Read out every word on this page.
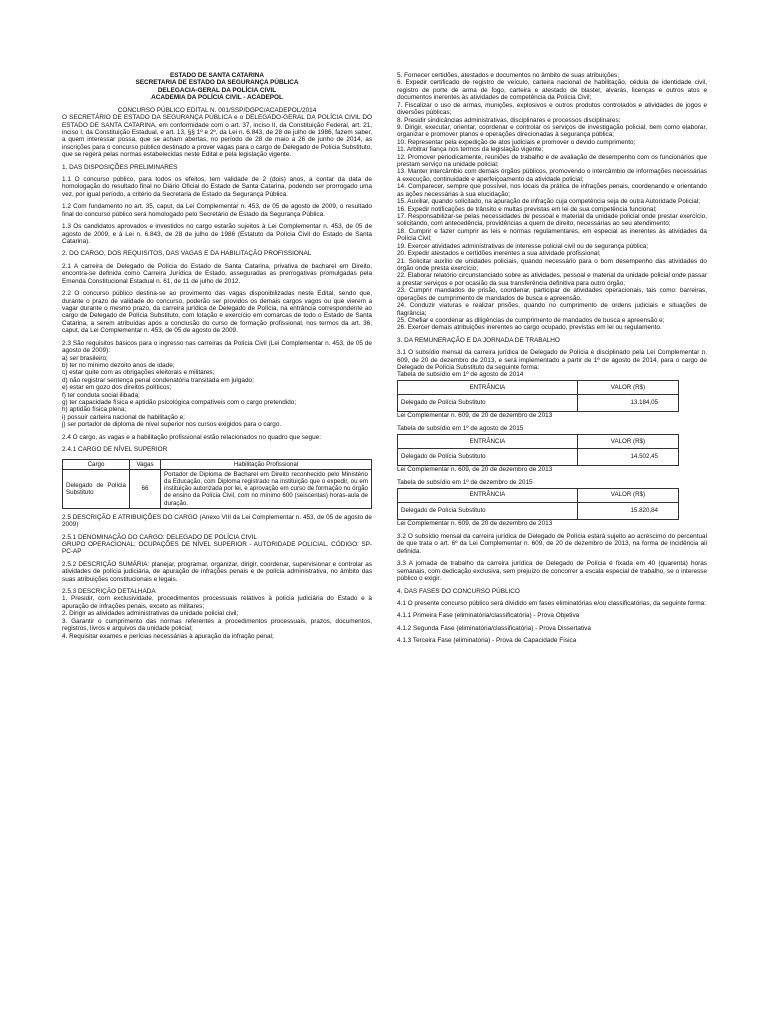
ESTADO DE SANTA CATARINA

SECRETARIA DE ESTADO DA SEGURANÇA PÚBLICA

DELEGACIA-GERAL DA POLÍCIA CIVIL

ACADEMIA DA POLÍCIA CIVIL - ACADEPOL

CONCURSO PÚBLICO EDITAL N. 001/SSP/DGPC/ACADEPOL/2014

O SECRETÁRIO DE ESTADO DA SEGURANÇA PÚBLICA e o DELEGADO-GERAL DA POLÍCIA CIVIL DO ESTADO DE SANTA CATARINA, em conformidade com o art. 37, inciso II, da Constituição Federal, art. 21, inciso I, da Constituição Estadual, e art. 13, §§ 1º e 2º, da Lei n. 6.843, de 28 de julho de 1986, fazem saber, a quem interessar possa, que se acham abertas, no período de 28 de maio a 26 de junho de 2014, as inscrições para o concurso público destinado a prover vagas para o cargo de Delegado de Polícia Substituto, que se regerá pelas normas estabelecidas neste Edital e pela legislação vigente.

1. DAS DISPOSIÇÕES PRELIMINARES

1.1 O concurso público, para todos os efeitos, tem validade de 2 (dois) anos, a contar da data de homologação do resultado final no Diário Oficial do Estado de Santa Catarina, podendo ser prorrogado uma vez, por igual período, a critério da Secretaria de Estado da Segurança Pública.

1.2 Com fundamento no art. 35, caput, da Lei Complementar n. 453, de 05 de agosto de 2009, o resultado final do concurso público será homologado pelo Secretário de Estado da Segurança Pública.

1.3 Os candidatos aprovados e investidos no cargo estarão sujeitos à Lei Complementar n. 453, de 05 de agosto de 2009, e à Lei n. 6.843, de 28 de julho de 1986 (Estatuto da Polícia Civil do Estado de Santa Catarina).

2. DO CARGO, DOS REQUISITOS, DAS VAGAS E DA HABILITAÇÃO PROFISSIONAL

2.1 A carreira de Delegado de Polícia do Estado de Santa Catarina, privativa de bacharel em Direito, encontra-se definida como Carreira Jurídica de Estado, asseguradas as prerrogativas promulgadas pela Emenda Constitucional Estadual n. 61, de 11 de julho de 2012.

2.2 O concurso público destina-se ao provimento das vagas disponibilizadas neste Edital, sendo que, durante o prazo de validade do concurso, poderão ser providos os demais cargos vagos ou que vierem a vagar durante o mesmo prazo, da carreira jurídica de Delegado de Polícia, na entrância correspondente ao cargo de Delegado de Polícia Substituto, com lotação e exercício em comarcas de todo o Estado de Santa Catarina, a serem atribuídas após a conclusão do curso de formação profissional, nos termos da art. 36, caput, da Lei Complementar n. 453, de 05 de agosto de 2009.

2.3 São requisitos básicos para o ingresso nas carreiras da Polícia Civil (Lei Complementar n. 453, de 05 de agosto de 2009):

a) ser brasileiro;

b) ter no mínimo dezoito anos de idade;

c) estar quite com as obrigações eleitorais e militares;

d) não registrar sentença penal condenatória transitada em julgado;

e) estar em gozo dos direitos políticos;

f) ter conduta social ilibada;

g) ter capacidade física e aptidão psicológica compatíveis com o cargo pretendido;

h) aptidão física plena;

i) possuir carteira nacional de habilitação e;

j) ser portador de diploma de nível superior nos cursos exigidos para o cargo.

2.4 O cargo, as vagas e a habilitação profissional estão relacionados no quadro que segue:

2.4.1 CARGO DE NÍVEL SUPERIOR

Cargo	Vagas	Habilitação Profissional
Delegado de Polícia Substituto	66	Portador de Diploma de Bacharel em Direito reconhecido pelo Ministério da Educação, com Diploma registrado na instituição que o expedir, ou em instituição autorizada por lei, e aprovação em curso de formação no órgão de ensino da Polícia Civil, com no mínimo 600 (seiscentas) horas-aula de duração.

2.5 DESCRIÇÃO E ATRIBUIÇÕES DO CARGO (Anexo VIII da Lei Complementar n. 453, de 05 de agosto de 2009)

2.5.1 DENOMINAÇÃO DO CARGO: DELEGADO DE POLÍCIA CIVIL

GRUPO OPERACIONAL: OCUPAÇÕES DE NÍVEL SUPERIOR - AUTORIDADE POLICIAL. CÓDIGO: SP-PC-AP

2.5.2 DESCRIÇÃO SUMÁRIA: planejar, programar, organizar, dirigir, coordenar, supervisionar e controlar as atividades de polícia judiciária, de apuração de infrações penais e de polícia administrativa, no âmbito das suas atribuições constitucionais e legais.

2.5.3 DESCRIÇÃO DETALHADA

1. Presidir, com exclusividade, procedimentos processuais relativos à polícia judiciária do Estado e à apuração de infrações penais, exceto as militares;

2. Dirigir as atividades administrativas da unidade policial civil;

3. Garantir o cumprimento das normas referentes a procedimentos processuais, prazos, documentos, registros, livros e arquivos da unidade policial;

4. Requisitar exames e perícias necessárias à apuração da infração penal;

5. Fornecer certidões, atestados e documentos no âmbito de suas atribuições;

6. Expedir certificado de registro de veículo, carteira nacional de habilitação, cédula de identidade civil, registro de porte de arma de fogo, carteira e atestado de blaster, alvarás, licenças e outros atos e documentos inerentes às atividades de competência da Polícia Civil;

7. Fiscalizar o uso de armas, munições, explosivos e outros produtos controlados e atividades de jogos e diversões públicas;

8. Presidir sindicâncias administrativas, disciplinares e processos disciplinares;

9. Dirigir, executar, orientar, coordenar e controlar os serviços de investigação policial, bem como elaborar, organizar e promover planos e operações direcionadas à segurança pública;

10. Representar pela expedição de atos judiciais e promover o devido cumprimento;

11. Arbitrar fiança nos termos da legislação vigente;

12. Promover periodicamente, reuniões de trabalho e de avaliação de desempenho com os funcionários que prestam serviço na unidade policial;

13. Manter intercâmbio com demais órgãos públicos, promovendo o intercâmbio de informações necessárias à execução, continuidade e aperfeiçoamento da atividade policial;

14. Comparecer, sempre que possível, nos locais da prática de infrações penais, coordenando e orientando as ações necessárias à sua elucidação;

15. Auxiliar, quando solicitado, na apuração de infração cuja competência seja de outra Autoridade Policial;

16. Expedir notificações de trânsito e multas previstas em lei de sua competência funcional;

17. Responsabilizar-se pelas necessidades de pessoal e material da unidade policial onde prestar exercício, solicitando, com antecedência, providências a quem de direito, necessárias ao seu atendimento;

18. Cumprir e fazer cumprir as leis e normas regulamentares, em especial as inerentes às atividades da Polícia Civil;

19. Exercer atividades administrativas de interesse policial civil ou de segurança pública;

20. Expedir atestados e certidões inerentes a sua atividade profissional;

21. Solicitar auxílio de unidades policiais, quando necessário para o bom desempenho das atividades do órgão onde presta exercício;

22. Elaborar relatório circunstanciado sobre as atividades, pessoal e material da unidade policial onde passar a prestar serviços e por ocasião da sua transferência definitiva para outro órgão;

23. Cumprir mandados de prisão, coordenar, participar de atividades operacionais, tais como: barreiras, operações de cumprimento de mandados de busca e apreensão.

24. Conduzir viaturas e realizar prisões, quando no cumprimento de ordens judiciais e situações de flagrância;

25. Chefiar e coordenar as diligências de cumprimento de mandados de busca e apreensão e;

26. Exercer demais atribuições inerentes ao cargo ocupado, previstas em lei ou regulamento.

3. DA REMUNERAÇÃO E DA JORNADA DE TRABALHO

3.1 O subsídio mensal da carreira jurídica de Delegado de Polícia é disciplinado pela Lei Complementar n. 609, de 20 de dezembro de 2013, e será implementado a partir de 1º de agosto de 2014, para o cargo de Delegado de Polícia Substituto da seguinte forma:

Tabela de subsídio em 1º de agosto de 2014

ENTRÂNCIA	VALOR (R$)
Delegado de Polícia Substituto	13.184,05

Lei Complementar n. 609, de 20 de dezembro de 2013

Tabela de subsídio em 1º de agosto de 2015

ENTRÂNCIA	VALOR (R$)
Delegado de Polícia Substituto	14.502,45

Lei Complementar n. 609, de 20 de dezembro de 2013

Tabela de subsídio em 1º de dezembro de 2015

ENTRÂNCIA	VALOR (R$)
Delegado de Polícia Substituto	15.820,84

Lei Complementar n. 609, de 20 de dezembro de 2013

3.2 O subsídio mensal da carreira jurídica de Delegado de Polícia estará sujeito ao acréscimo do percentual de que trata o art. 6º da Lei Complementar n. 609, de 20 de dezembro de 2013, na forma de incidência ali definida.

3.3 A jornada de trabalho da carreira jurídica de Delegado de Polícia é fixada em 40 (quarenta) horas semanais, com dedicação exclusiva, sem prejuízo de concorrer a escala especial de trabalho, se o interesse público o exigir.

4. DAS FASES DO CONCURSO PÚBLICO

4.1 O presente concurso público será dividido em fases eliminatórias e/ou classificatórias, da seguinte forma:

4.1.1 Primeira Fase (eliminatória/classificatória) - Prova Objetiva

4.1.2 Segunda Fase (eliminatória/classificatória) - Prova Dissertativa

4.1.3 Terceira Fase (eliminatória) - Prova de Capacidade Física
